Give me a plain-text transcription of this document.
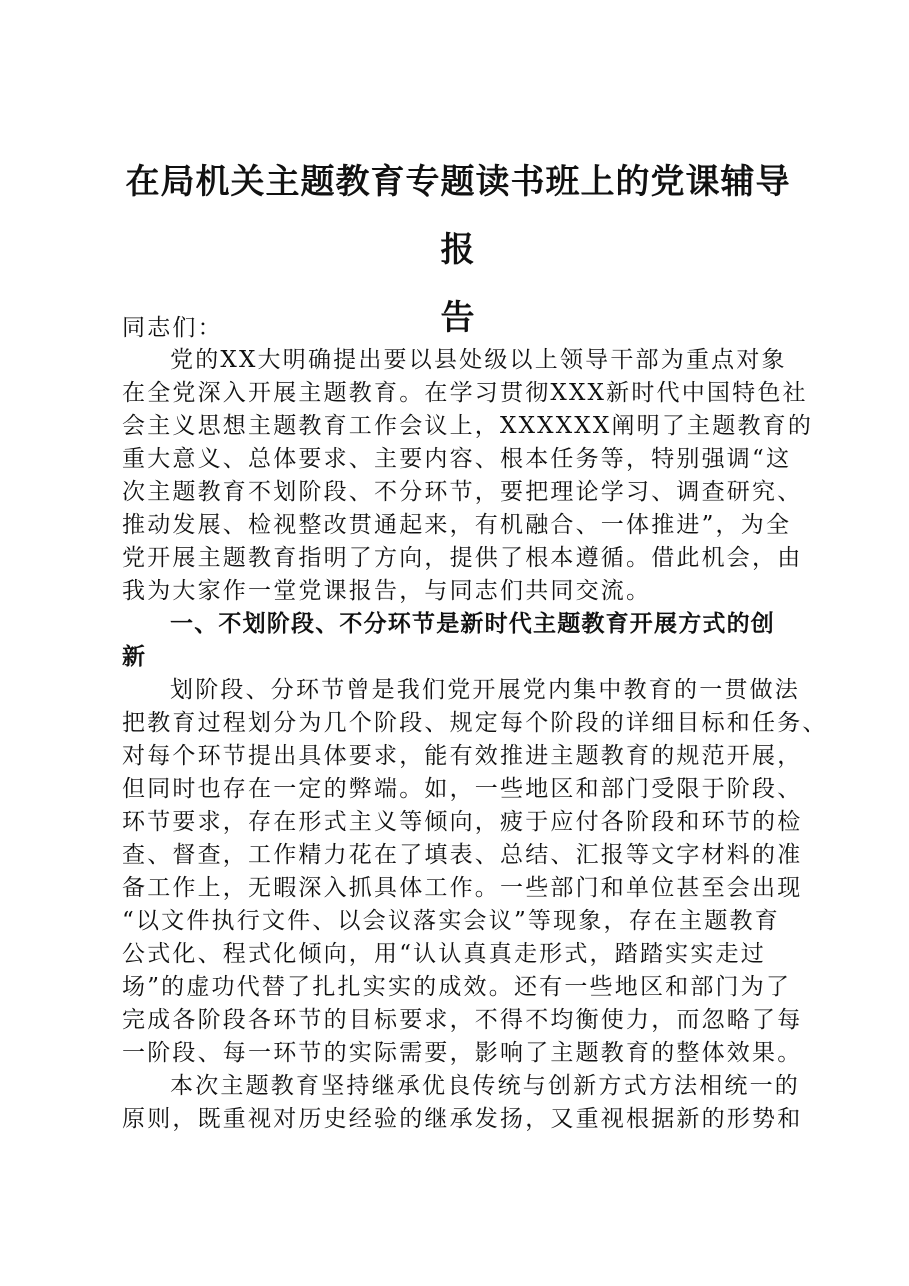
在局机关主题教育专题读书班上的党课辅导报
告
同志们：
党的XX大明确提出要以县处级以上领导干部为重点对象
在全党深入开展主题教育。在学习贯彻XXX新时代中国特色社
会主义思想主题教育工作会议上，XXXXXX阐明了主题教育的
重大意义、总体要求、主要内容、根本任务等，特别强调“这
次主题教育不划阶段、不分环节，要把理论学习、调查研究、
推动发展、检视整改贯通起来，有机融合、一体推进”，为全
党开展主题教育指明了方向，提供了根本遵循。借此机会，由
我为大家作一堂党课报告，与同志们共同交流。
一、不划阶段、不分环节是新时代主题教育开展方式的创
新
划阶段、分环节曾是我们党开展党内集中教育的一贯做法
把教育过程划分为几个阶段、规定每个阶段的详细目标和任务、
对每个环节提出具体要求，能有效推进主题教育的规范开展，
但同时也存在一定的弊端。如，一些地区和部门受限于阶段、
环节要求，存在形式主义等倾向，疲于应付各阶段和环节的检
查、督查，工作精力花在了填表、总结、汇报等文字材料的准
备工作上，无暇深入抓具体工作。一些部门和单位甚至会出现
“以文件执行文件、以会议落实会议”等现象，存在主题教育
公式化、程式化倾向，用“认认真真走形式，踏踏实实走过
场”的虚功代替了扎扎实实的成效。还有一些地区和部门为了
完成各阶段各环节的目标要求，不得不均衡使力，而忽略了每
一阶段、每一环节的实际需要，影响了主题教育的整体效果。
本次主题教育坚持继承优良传统与创新方式方法相统一的
原则，既重视对历史经验的继承发扬，又重视根据新的形势和
